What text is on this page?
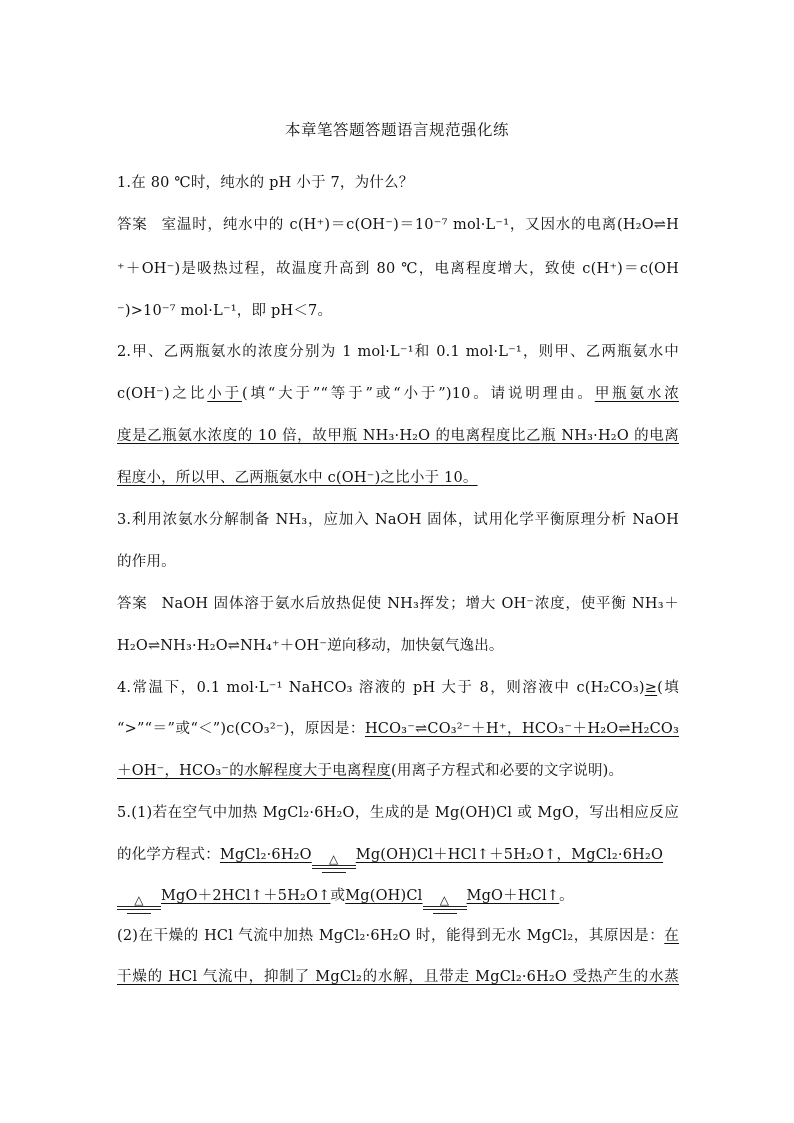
本章笔答题答题语言规范强化练
1.在 80 ℃时，纯水的 pH 小于 7，为什么？
答案 室温时，纯水中的 c(H⁺)＝c(OH⁻)＝10⁻⁷ mol·L⁻¹，又因水的电离(H₂O⇌H
⁺＋OH⁻)是吸热过程，故温度升高到 80 ℃，电离程度增大，致使 c(H⁺)＝c(OH
⁻)>10⁻⁷ mol·L⁻¹，即 pH＜7。
2.甲、乙两瓶氨水的浓度分别为 1 mol·L⁻¹和 0.1 mol·L⁻¹，则甲、乙两瓶氨水中
c(OH⁻)之比小于(填“大于”“等于”或“小于”)10。请说明理由。甲瓶氨水浓
度是乙瓶氨水浓度的 10 倍，故甲瓶 NH₃·H₂O 的电离程度比乙瓶 NH₃·H₂O 的电离
程度小，所以甲、乙两瓶氨水中 c(OH⁻)之比小于 10。
3.利用浓氨水分解制备 NH₃，应加入 NaOH 固体，试用化学平衡原理分析 NaOH
的作用。
答案 NaOH 固体溶于氨水后放热促使 NH₃挥发；增大 OH⁻浓度，使平衡 NH₃＋
H₂O⇌NH₃·H₂O⇌NH₄⁺＋OH⁻逆向移动，加快氨气逸出。
4.常温下，0.1 mol·L⁻¹ NaHCO₃ 溶液的 pH 大于 8，则溶液中 c(H₂CO₃)≥(填
“>”“＝”或“＜”)c(CO₃²⁻)，原因是：HCO₃⁻⇌CO₃²⁻＋H⁺，HCO₃⁻＋H₂O⇌H₂CO₃
＋OH⁻，HCO₃⁻的水解程度大于电离程度(用离子方程式和必要的文字说明)。
5.(1)若在空气中加热 MgCl₂·6H₂O，生成的是 Mg(OH)Cl 或 MgO，写出相应反应
的化学方程式：MgCl₂·6H₂O	△	Mg(OH)Cl＋HCl↑＋5H₂O↑，MgCl₂·6H₂O
△	MgO＋2HCl↑＋5H₂O↑或Mg(OH)Cl	△	MgO＋HCl↑。
(2)在干燥的 HCl 气流中加热 MgCl₂·6H₂O 时，能得到无水 MgCl₂，其原因是：在
干燥的 HCl 气流中，抑制了 MgCl₂的水解，且带走 MgCl₂·6H₂O 受热产生的水蒸
